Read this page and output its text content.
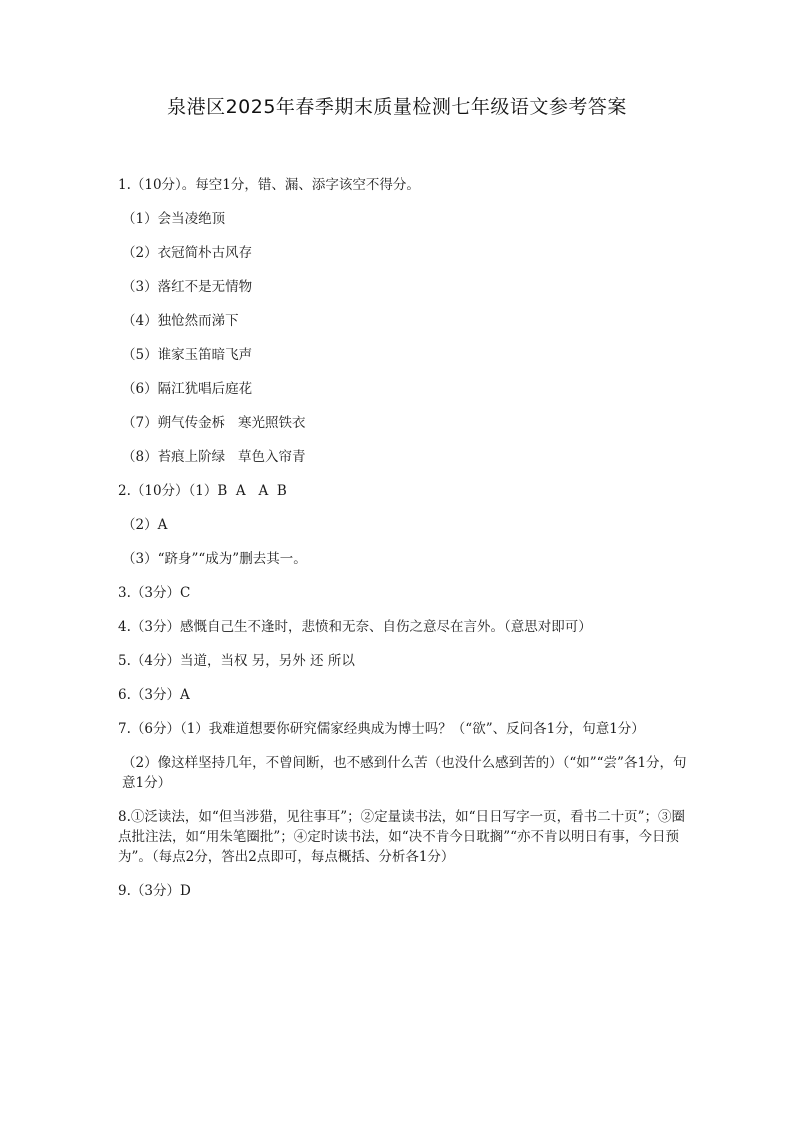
泉港区2025年春季期末质量检测七年级语文参考答案

1.（10分）。每空1分，错、漏、添字该空不得分。

（1）会当凌绝顶

（2）衣冠简朴古风存

（3）落红不是无情物

（4）独怆然而涕下

（5）谁家玉笛暗飞声

（6）隔江犹唱后庭花

（7）朔气传金柝   寒光照铁衣

（8）苔痕上阶绿   草色入帘青

2.（10分）（1）B  A   A  B

（2）A

（3）“跻身”“成为”删去其一。

3.（3分）C

4.（3分）感慨自己生不逢时，悲愤和无奈、自伤之意尽在言外。（意思对即可）

5.（4分）当道，当权 另，另外 还 所以

6.（3分）A

7.（6分）（1）我难道想要你研究儒家经典成为博士吗？（“欲”、反问各1分，句意1分）

（2）像这样坚持几年，不曾间断，也不感到什么苦（也没什么感到苦的）（“如”“尝”各1分，句意1分）

8.①泛读法，如“但当涉猎，见往事耳”；②定量读书法，如“日日写字一页，看书二十页”；③圈点批注法，如“用朱笔圈批”；④定时读书法，如“决不肯今日耽搁”“亦不肯以明日有事，今日预为”。（每点2分，答出2点即可，每点概括、分析各1分）

9.（3分）D
